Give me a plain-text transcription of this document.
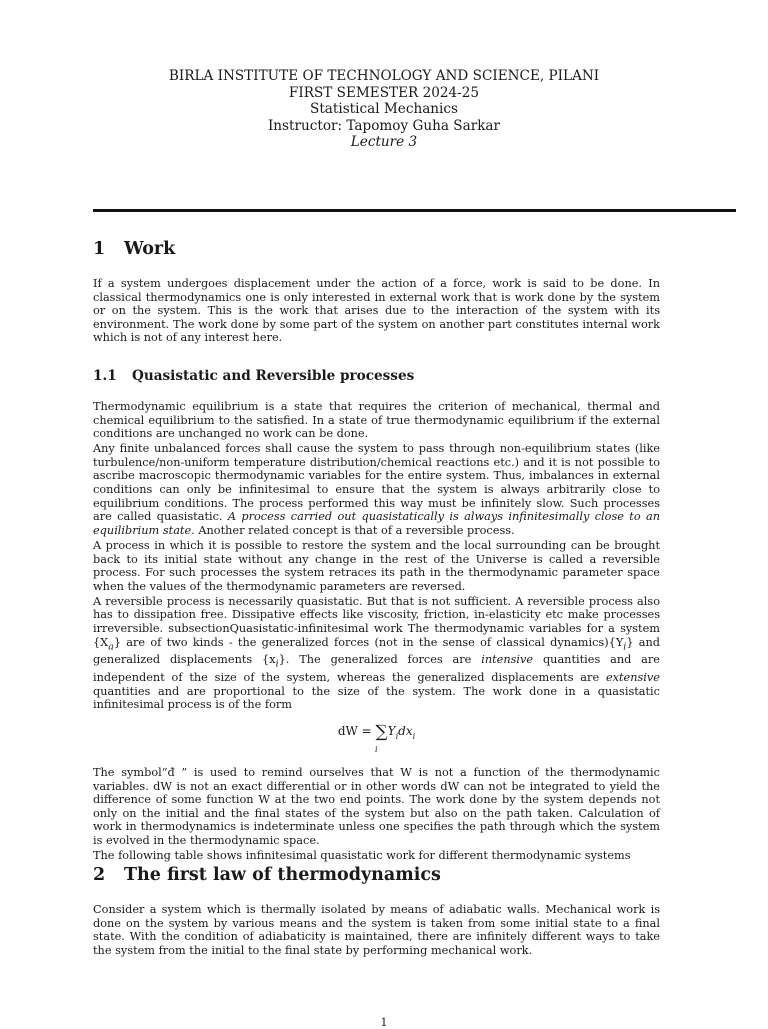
BIRLA INSTITUTE OF TECHNOLOGY AND SCIENCE, PILANI
FIRST SEMESTER 2024-25
Statistical Mechanics
Instructor: Tapomoy Guha Sarkar
Lecture 3
1 Work

If a system undergoes displacement under the action of a force, work is said to be done. In classical thermodynamics one is only interested in external work that is work done by the system or on the system. This is the work that arises due to the interaction of the system with its environment. The work done by some part of the system on another part constitutes internal work which is not of any interest here.

1.1 Quasistatic and Reversible processes

Thermodynamic equilibrium is a state that requires the criterion of mechanical, thermal and chemical equilibrium to the satisfied. In a state of true thermodynamic equilibrium if the external conditions are unchanged no work can be done.

Any finite unbalanced forces shall cause the system to pass through non-equilibrium states (like turbulence/non-uniform temperature distribution/chemical reactions etc.) and it is not possible to ascribe macroscopic thermodynamic variables for the entire system. Thus, imbalances in external conditions can only be infinitesimal to ensure that the system is always arbitrarily close to equilibrium conditions. The process performed this way must be infinitely slow. Such processes are called quasistatic. A process carried out quasistatically is always infinitesimally close to an equilibrium state. Another related concept is that of a reversible process.

A process in which it is possible to restore the system and the local surrounding can be brought back to its initial state without any change in the rest of the Universe is called a reversible process. For such processes the system retraces its path in the thermodynamic parameter space when the values of the thermodynamic parameters are reversed.

A reversible process is necessarily quasistatic. But that is not sufficient. A reversible process also has to dissipation free. Dissipative effects like viscosity, friction, in-elasticity etc make processes irreversible. subsectionQuasistatic-infinitesimal work The thermodynamic variables for a system $\{X_a\}$ are of two kinds - the generalized forces (not in the sense of classical $dynamics)\{Y_i\}$ and generalized displacements $\{x_i\}$. The generalized forces are intensive quantities and are independent of the size of the system, whereas the generalized displacements are extensive quantities and are proportional to the size of the system. The work done in a quasistatic infinitesimal process is of the form

dW = $\sum Y_idx_i$
i

The symbol“đ ” is used to remind ourselves that W is not a function of the thermodynamic variables. dW is not an exact differential or in other words dW can not be integrated to yield the difference of some function W at the two end points. The work done by the system depends not only on the initial and the final states of the system but also on the path taken. Calculation of work in thermodynamics is indeterminate unless one specifies the path through which the system is evolved in the thermodynamic space.

The following table shows infinitesimal quasistatic work for different thermodynamic systems

2 The first law of thermodynamics

Consider a system which is thermally isolated by means of adiabatic walls. Mechanical work is done on the system by various means and the system is taken from some initial state to a final state. With the condition of adiabaticity is maintained, there are infinitely different ways to take the system from the initial to the final state by performing mechanical work.

1
